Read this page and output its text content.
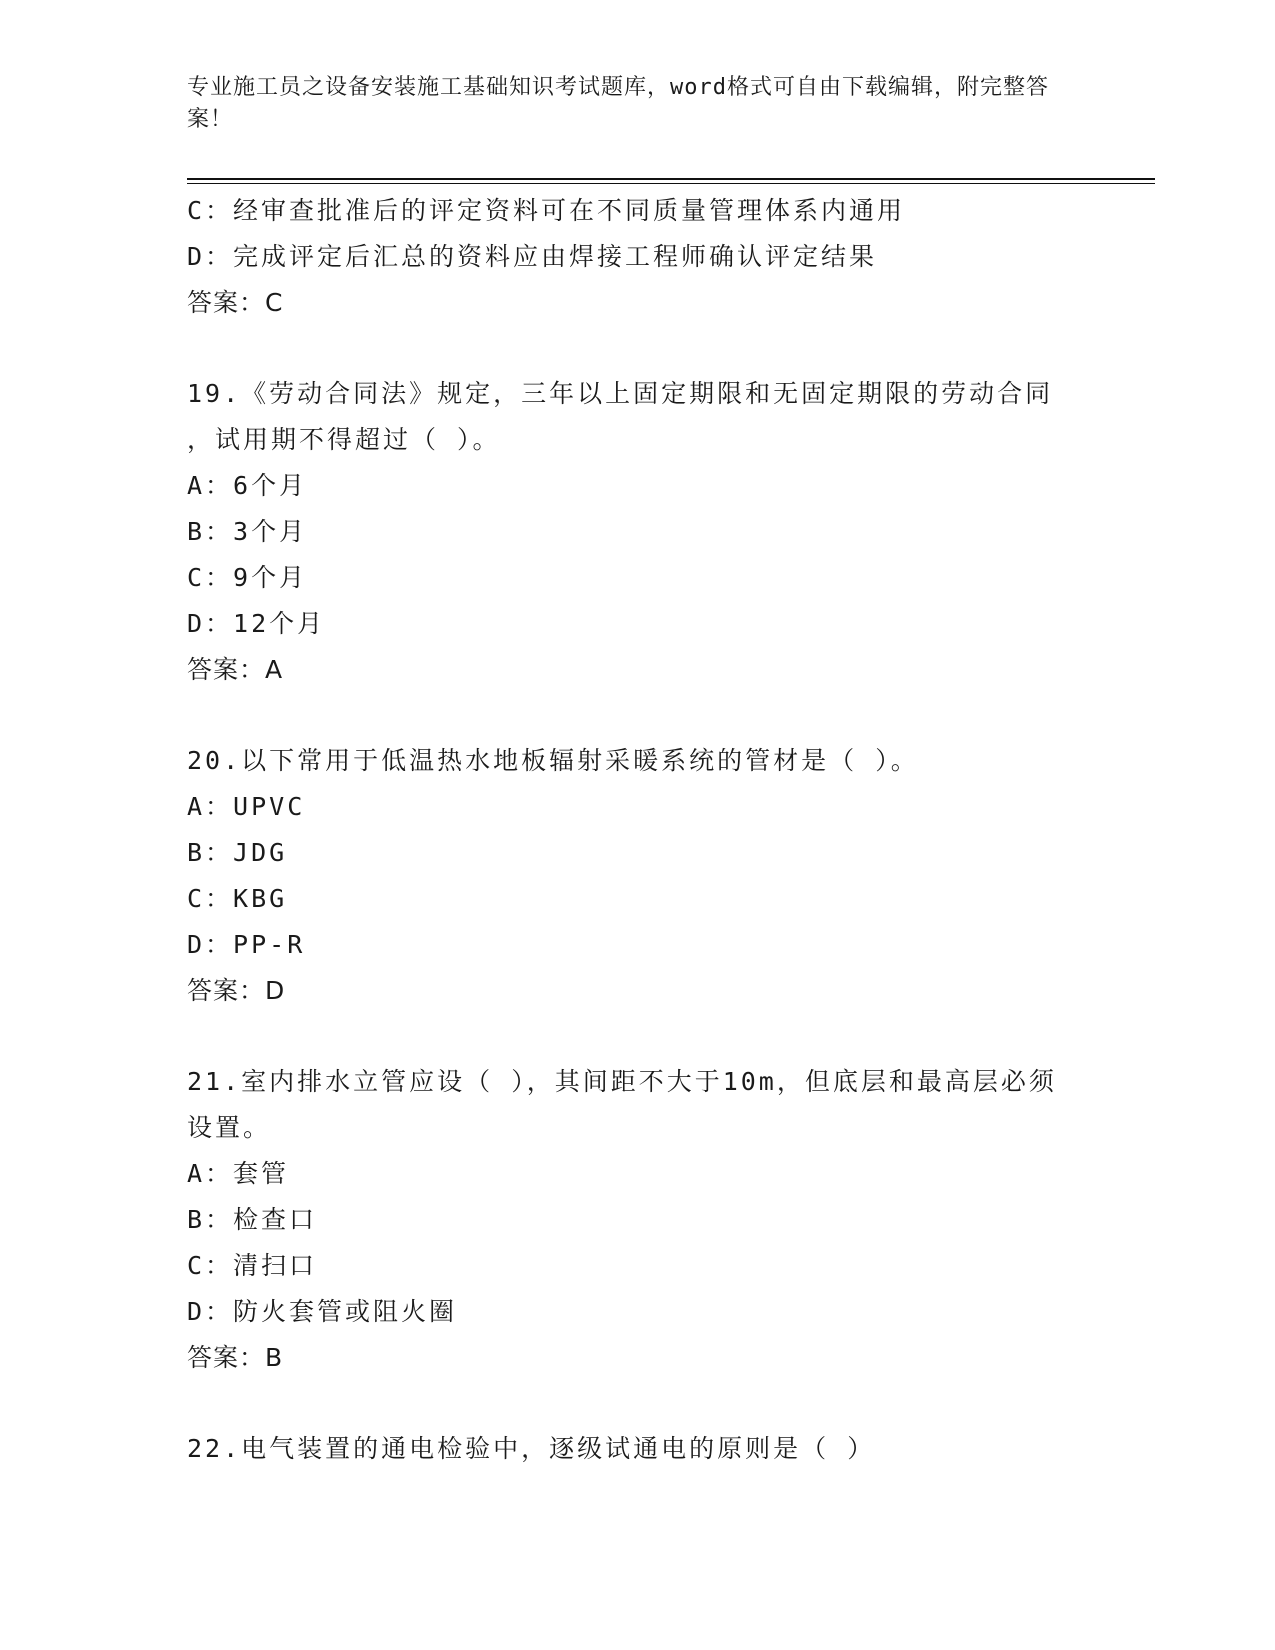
专业施工员之设备安装施工基础知识考试题库，word格式可自由下载编辑，附完整答案！
C：经审查批准后的评定资料可在不同质量管理体系内通用
D：完成评定后汇总的资料应由焊接工程师确认评定结果
答案：C
19.《劳动合同法》规定，三年以上固定期限和无固定期限的劳动合同
，试用期不得超过（ ）。
A：6个月
B：3个月
C：9个月
D：12个月
答案：A
20.以下常用于低温热水地板辐射采暖系统的管材是（ ）。
A：UPVC
B：JDG
C：KBG
D：PP-R
答案：D
21.室内排水立管应设（ ），其间距不大于10m，但底层和最高层必须
设置。
A：套管
B：检查口
C：清扫口
D：防火套管或阻火圈
答案：B
22.电气装置的通电检验中，逐级试通电的原则是（ ）
